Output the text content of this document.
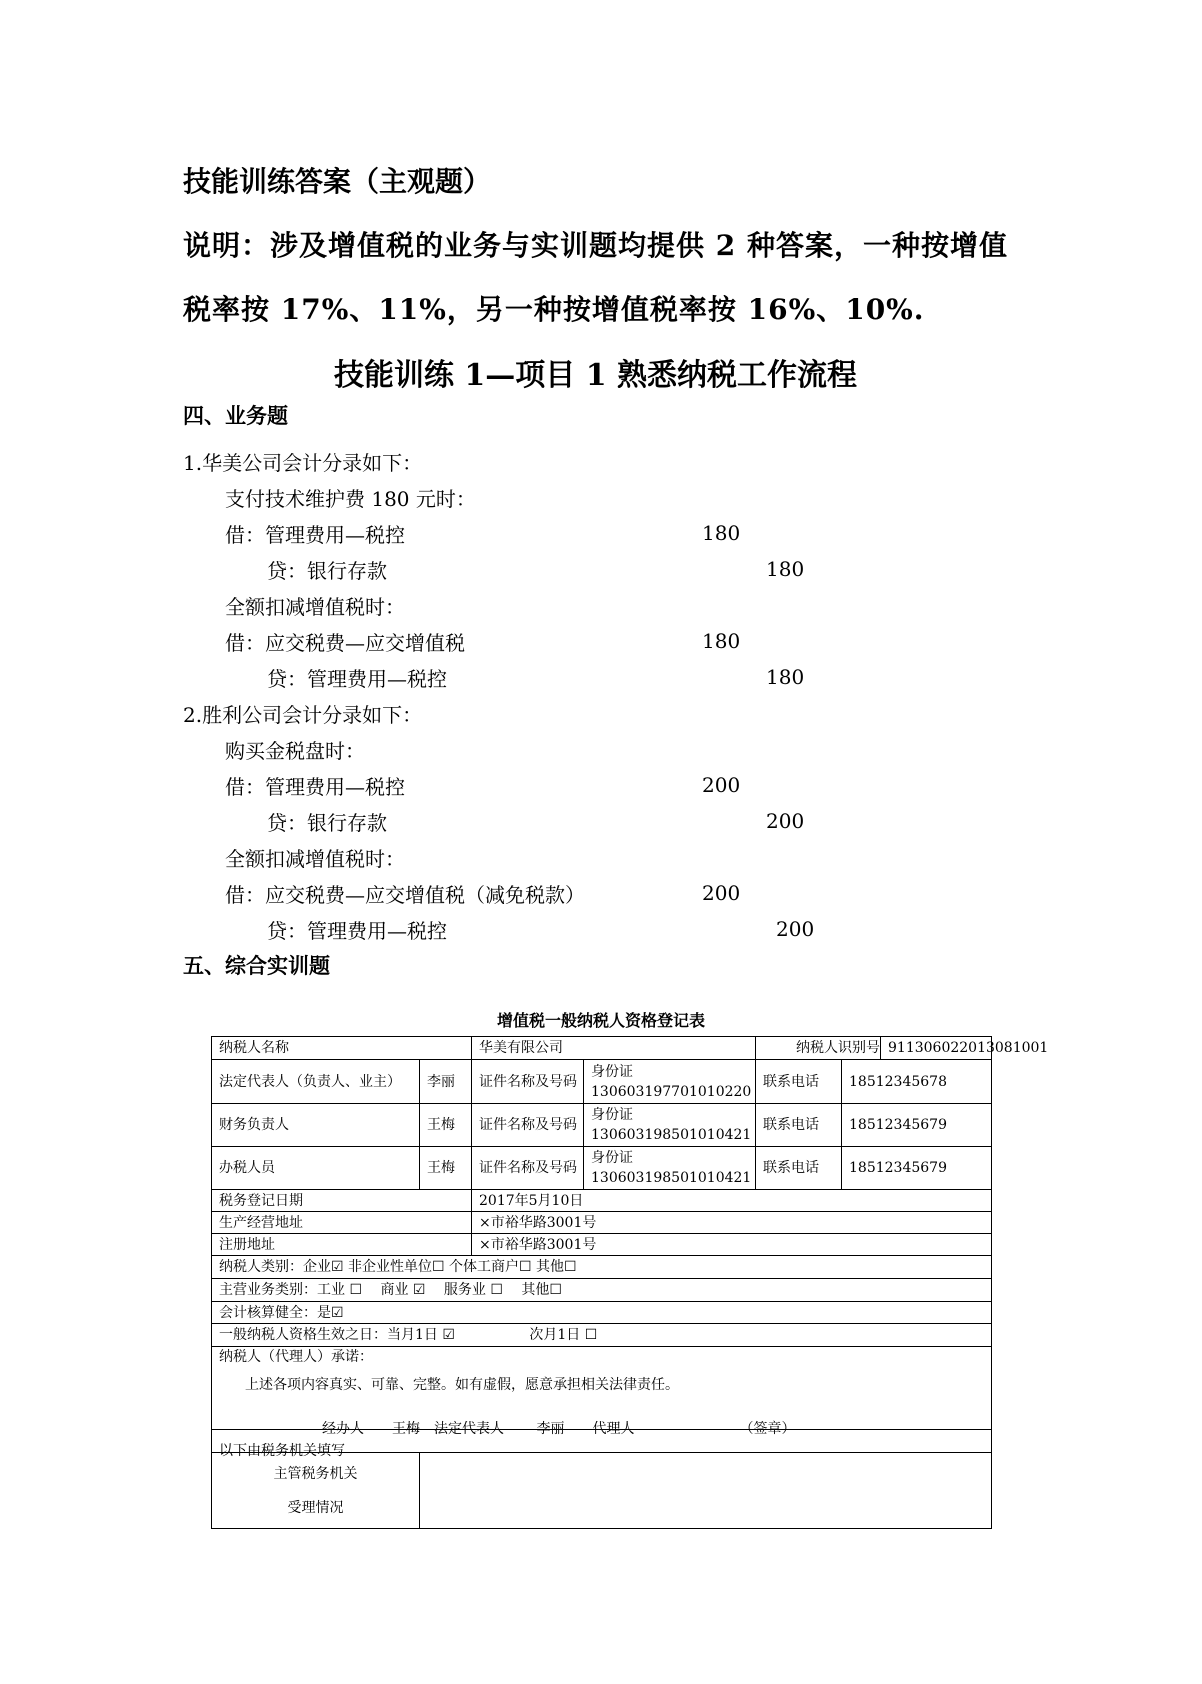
技能训练答案（主观题）
说明：涉及增值税的业务与实训题均提供 2 种答案，一种按增值
税率按 17%、11%，另一种按增值税率按 16%、10%.
技能训练 1—项目 1 熟悉纳税工作流程
四、业务题
1.华美公司会计分录如下：
支付技术维护费 180 元时：
借：管理费用—税控	180
贷：银行存款	180
全额扣减增值税时：
借：应交税费—应交增值税	180
贷：管理费用—税控	180
2.胜利公司会计分录如下：
购买金税盘时：
借：管理费用—税控	200
贷：银行存款	200
全额扣减增值税时：
借：应交税费—应交增值税（减免税款）	200
贷：管理费用—税控	200
五、综合实训题
增值税一般纳税人资格登记表
纳税人名称		华美有限公司		纳税人识别号 911306022013081001	

法定代表人（负责人、业主）	李丽	证件名称及号码	身份证
130603197701010220	联系电话	18512345678
财务负责人	王梅	证件名称及号码	身份证
130603198501010421	联系电话	18512345679
办税人员	王梅	证件名称及号码	身份证
130603198501010421	联系电话	18512345679
税务登记日期		2017年5月10日			
生产经营地址		×市裕华路3001号			
注册地址		×市裕华路3001号			
纳税人类别：企业☑ 非企业性单位☐ 个体工商户☐ 其他☐					
主营业务类别：工业 ☐　 商业 ☑　 服务业 ☐　 其他☐					
会计核算健全：是☑					
一般纳税人资格生效之日：当月1日 ☑　　　　　 次月1日 ☐					

纳税人（代理人）承诺：
上述各项内容真实、可靠、完整。如有虚假，愿意承担相关法律责任。
经办人　　王梅　法定代表人　　 李丽　　代理人　　　　　　　　（签章）					

以下由税务机关填写					

主管税务机关
受理情况					
